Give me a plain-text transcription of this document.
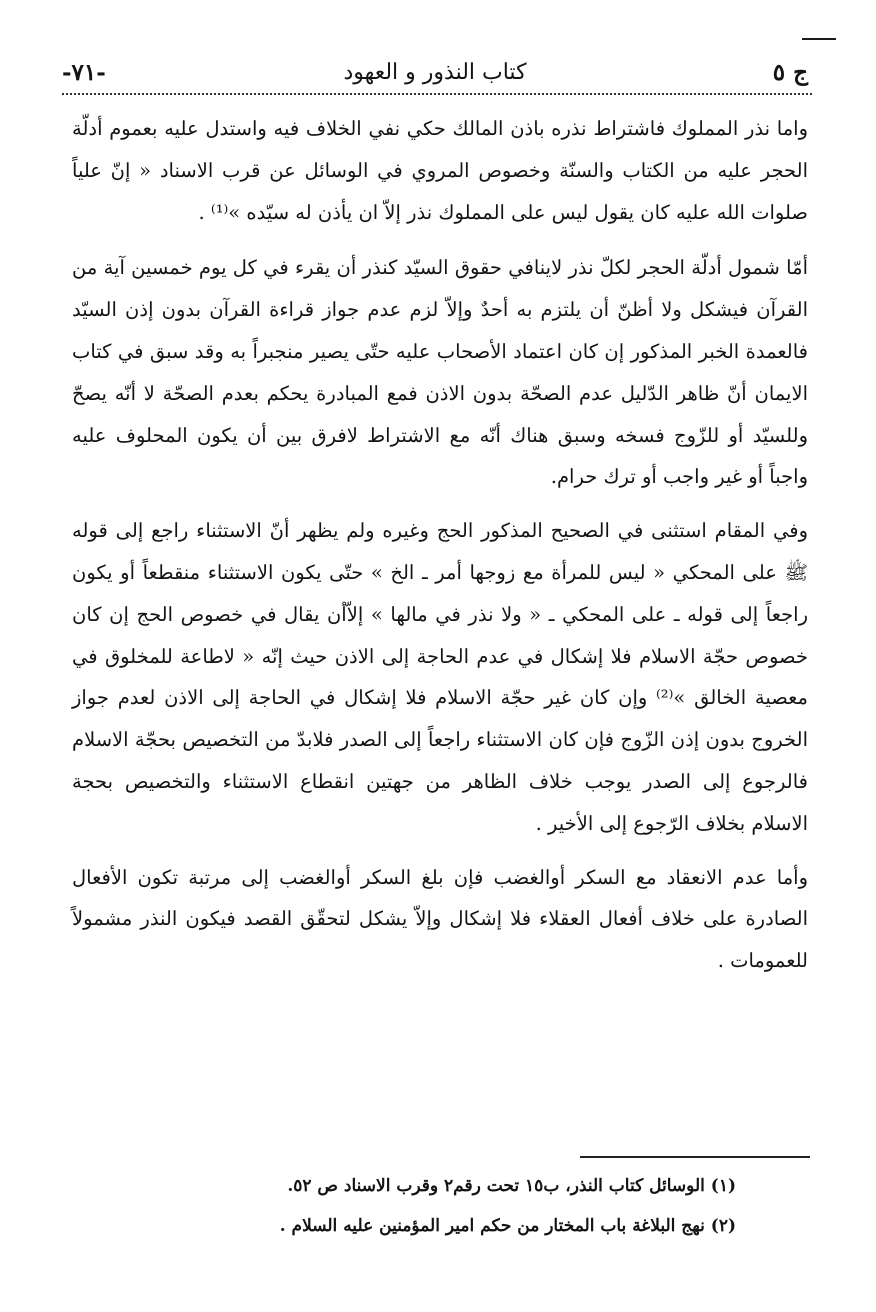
ج ٥
كتاب النذور و العهود
-٧١-

واما نذر المملوك فاشتراط نذره باذن المالك حكي نفي الخلاف فيه واستدل عليه بعموم أدلّة الحجر عليه من الكتاب والسنّة وخصوص المروي في الوسائل عن قرب الاسناد « إنّ علياً صلوات الله عليه كان يقول ليس على المملوك نذر إلاّ ان يأذن له سيّده »⁽¹⁾ .

أمّا شمول أدلّة الحجر لكلّ نذر لاينافي حقوق السيّد كنذر أن يقرء في كل يوم خمسين آية من القرآن فيشكل ولا أظنّ أن يلتزم به أحدٌ وإلاّ لزم عدم جواز قراءة القرآن بدون إذن السيّد فالعمدة الخبر المذكور إن كان اعتماد الأصحاب عليه حتّى يصير منجبراً به وقد سبق في كتاب الايمان أنّ ظاهر الدّليل عدم الصحّة بدون الاذن فمع المبادرة يحكم بعدم الصحّة لا أنّه يصحّ وللسيّد أو للزّوج فسخه وسبق هناك أنّه مع الاشتراط لافرق بين أن يكون المحلوف عليه واجباً أو غير واجب أو ترك حرام.

وفي المقام استثنى في الصحيح المذكور الحج وغيره ولم يظهر أنّ الاستثناء راجع إلى قوله ﷺ على المحكي « ليس للمرأة مع زوجها أمر ـ الخ » حتّى يكون الاستثناء منقطعاً أو يكون راجعاً إلى قوله ـ على المحكي ـ « ولا نذر في مالها » إلاّأن يقال في خصوص الحج إن كان خصوص حجّة الاسلام فلا إشكال في عدم الحاجة إلى الاذن حيث إنّه « لاطاعة للمخلوق في معصية الخالق »⁽²⁾ وإن كان غير حجّة الاسلام فلا إشكال في الحاجة إلى الاذن لعدم جواز الخروج بدون إذن الزّوج فإن كان الاستثناء راجعاً إلى الصدر فلابدّ من التخصيص بحجّة الاسلام فالرجوع إلى الصدر يوجب خلاف الظاهر من جهتين انقطاع الاستثناء والتخصيص بحجة الاسلام بخلاف الرّجوع إلى الأخير .

وأما عدم الانعقاد مع السكر أوالغضب فإن بلغ السكر أوالغضب إلى مرتبة تكون الأفعال الصادرة على خلاف أفعال العقلاء فلا إشكال وإلاّ يشكل لتحقّق القصد فيكون النذر مشمولاً للعمومات .

(١) الوسائل كتاب النذر، ب١٥ تحت رقم٢ وقرب الاسناد ص ٥٢.

(٢) نهج البلاغة باب المختار من حكم امير المؤمنين عليه السلام .
